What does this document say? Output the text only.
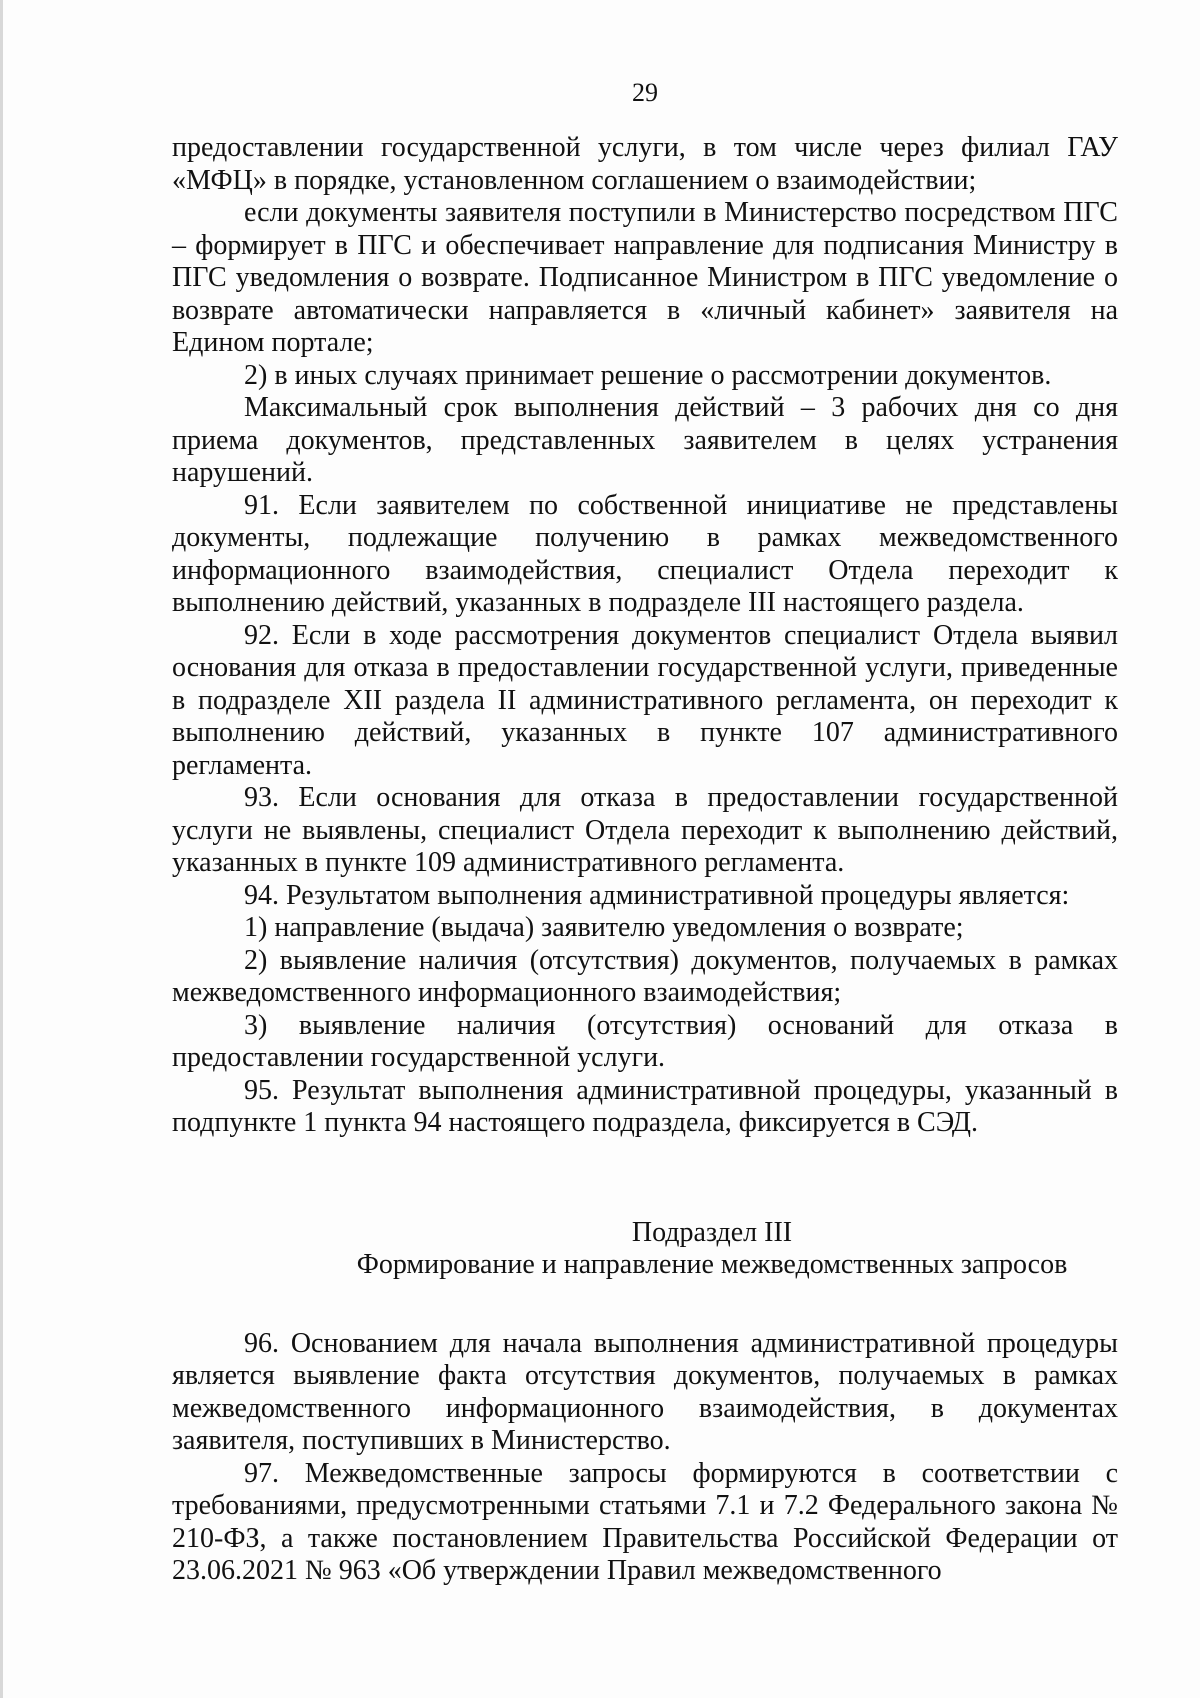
29

предоставлении государственной услуги, в том числе через филиал ГАУ «МФЦ» в порядке, установленном соглашением о взаимодействии;

если документы заявителя поступили в Министерство посредством ПГС – формирует в ПГС и обеспечивает направление для подписания Министру в ПГС уведомления о возврате. Подписанное Министром в ПГС уведомление о возврате автоматически направляется в «личный кабинет» заявителя на Едином портале;

2) в иных случаях принимает решение о рассмотрении документов.

Максимальный срок выполнения действий – 3 рабочих дня со дня приема документов, представленных заявителем в целях устранения нарушений.

91. Если заявителем по собственной инициативе не представлены документы, подлежащие получению в рамках межведомственного информационного взаимодействия, специалист Отдела переходит к выполнению действий, указанных в подразделе III настоящего раздела.

92. Если в ходе рассмотрения документов специалист Отдела выявил основания для отказа в предоставлении государственной услуги, приведенные в подразделе XII раздела II административного регламента, он переходит к выполнению действий, указанных в пункте 107 административного регламента.

93. Если основания для отказа в предоставлении государственной услуги не выявлены, специалист Отдела переходит к выполнению действий, указанных в пункте 109 административного регламента.

94. Результатом выполнения административной процедуры является:

1) направление (выдача) заявителю уведомления о возврате;

2) выявление наличия (отсутствия) документов, получаемых в рамках межведомственного информационного взаимодействия;

3) выявление наличия (отсутствия) оснований для отказа в предоставлении государственной услуги.

95. Результат выполнения административной процедуры, указанный в подпункте 1 пункта 94 настоящего подраздела, фиксируется в СЭД.

Подраздел III
Формирование и направление межведомственных запросов

96. Основанием для начала выполнения административной процедуры является выявление факта отсутствия документов, получаемых в рамках межведомственного информационного взаимодействия, в документах заявителя, поступивших в Министерство.

97. Межведомственные запросы формируются в соответствии с требованиями, предусмотренными статьями 7.1 и 7.2 Федерального закона № 210-ФЗ, а также постановлением Правительства Российской Федерации от 23.06.2021 № 963 «Об утверждении Правил межведомственного
